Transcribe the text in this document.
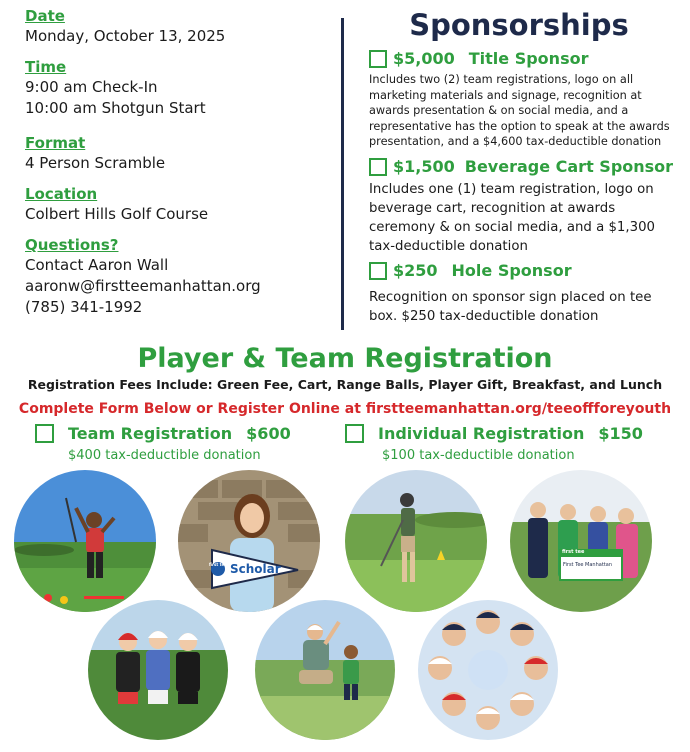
Date
Monday, October 13, 2025
Time
9:00 am Check-In
10:00 am Shotgun Start
Format
4 Person Scramble
Location
Colbert Hills Golf Course
Questions?
Contact Aaron Wall
aaronw@firstteemanhattan.org
(785) 341-1992
Sponsorships
$5,000 Title Sponsor
Includes two (2) team registrations, logo on all marketing materials and signage, recognition at awards presentation & on social media, and a representative has the option to speak at the awards presentation, and a $4,600 tax-deductible donation
$1,500 Beverage Cart Sponsor
Includes one (1) team registration, logo on beverage cart, recognition at awards ceremony & on social media, and a $1,300 tax-deductible donation
$250 Hole Sponsor
Recognition on sponsor sign placed on tee box. $250 tax-deductible donation
Player & Team Registration
Registration Fees Include: Green Fee, Cart, Range Balls, Player Gift, Breakfast, and Lunch
Complete Form Below or Register Online at firstteemanhattan.org/teeoffforeyouth
Team Registration $600
$400 tax-deductible donation
Individual Registration $150
$100 tax-deductible donation
first tee Scholar
first tee
First Tee Manhattan
